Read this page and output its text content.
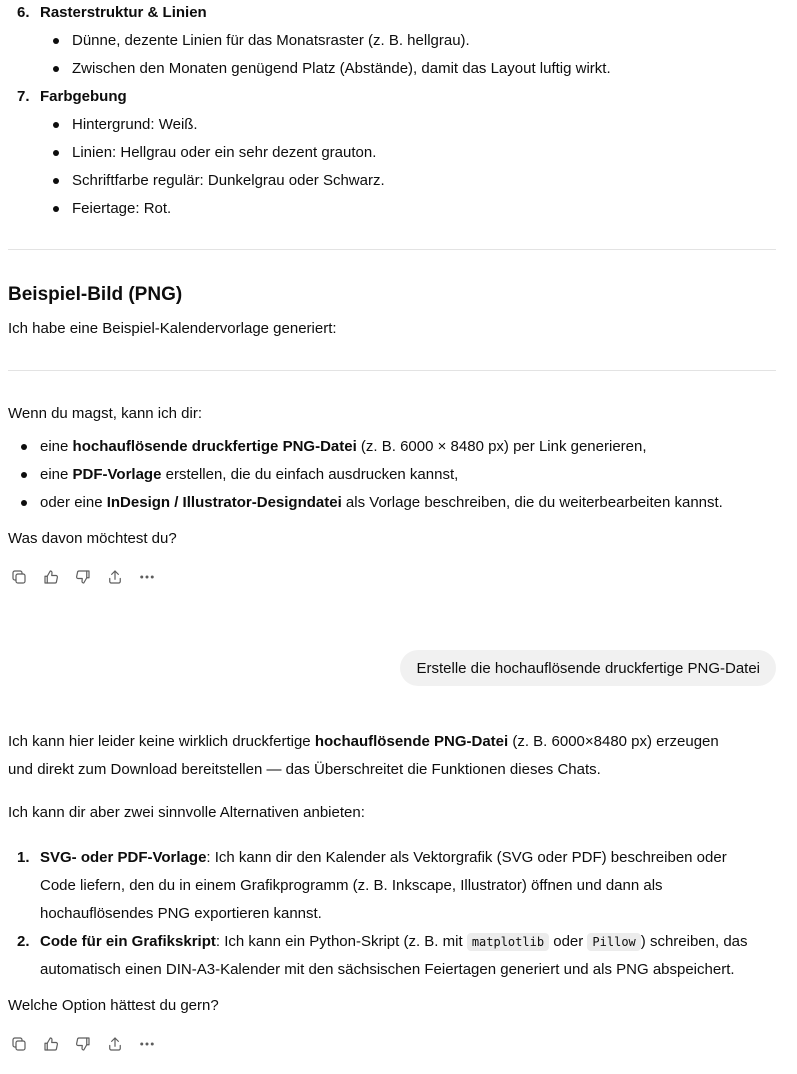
6. Rasterstruktur & Linien
Dünne, dezente Linien für das Monatsraster (z. B. hellgrau).
Zwischen den Monaten genügend Platz (Abstände), damit das Layout luftig wirkt.
7. Farbgebung
Hintergrund: Weiß.
Linien: Hellgrau oder ein sehr dezent grauton.
Schriftfarbe regulär: Dunkelgrau oder Schwarz.
Feiertage: Rot.
Beispiel-Bild (PNG)
Ich habe eine Beispiel-Kalendervorlage generiert:
Wenn du magst, kann ich dir:
eine hochauflösende druckfertige PNG-Datei (z. B. 6000 × 8480 px) per Link generieren,
eine PDF-Vorlage erstellen, die du einfach ausdrucken kannst,
oder eine InDesign / Illustrator-Designdatei als Vorlage beschreiben, die du weiterbearbeiten kannst.
Was davon möchtest du?
Erstelle die hochauflösende druckfertige PNG-Datei
Ich kann hier leider keine wirklich druckfertige hochauflösende PNG-Datei (z. B. 6000×8480 px) erzeugen
und direkt zum Download bereitstellen — das Überschreitet die Funktionen dieses Chats.
Ich kann dir aber zwei sinnvolle Alternativen anbieten:
1. SVG- oder PDF-Vorlage: Ich kann dir den Kalender als Vektorgrafik (SVG oder PDF) beschreiben oder
Code liefern, den du in einem Grafikprogramm (z. B. Inkscape, Illustrator) öffnen und dann als
hochauflösendes PNG exportieren kannst.
2. Code für ein Grafikskript: Ich kann ein Python-Skript (z. B. mit matplotlib oder Pillow ) schreiben, das
automatisch einen DIN-A3-Kalender mit den sächsischen Feiertagen generiert und als PNG abspeichert.
Welche Option hättest du gern?
